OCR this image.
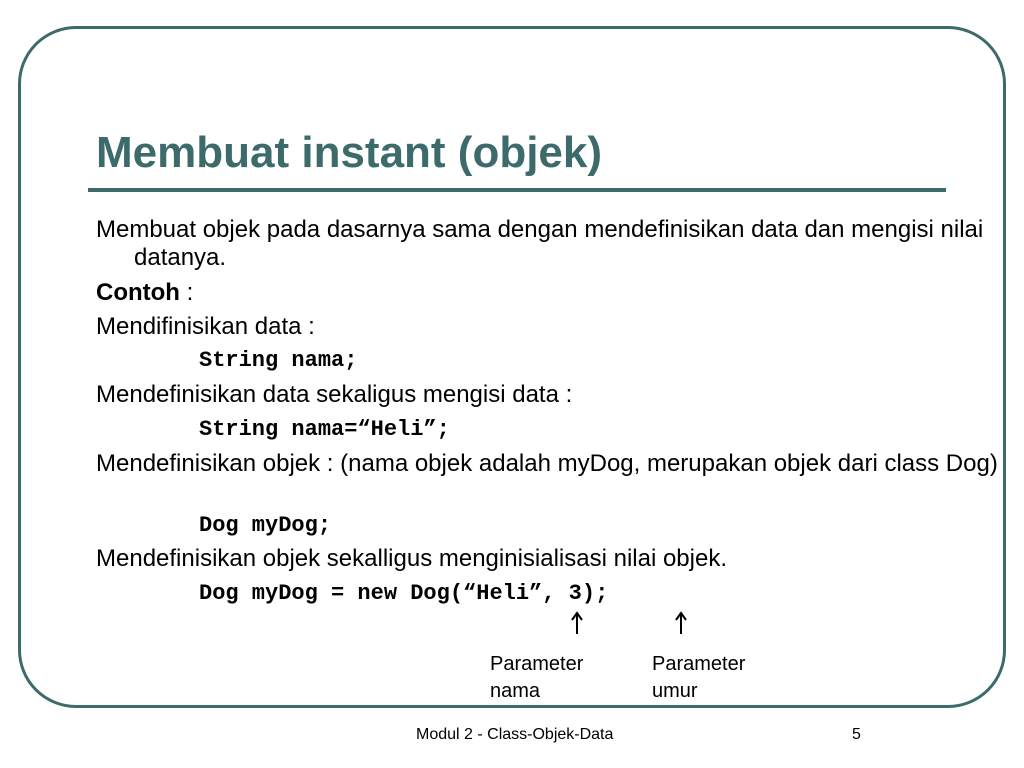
Membuat instant (objek)

Membuat objek pada dasarnya sama dengan mendefinisikan data dan mengisi nilai datanya.

Contoh :

Mendifinisikan data :

String nama;

Mendefinisikan data sekaligus mengisi data :

String nama=“Heli”;

Mendefinisikan objek : (nama objek adalah myDog, merupakan objek dari class Dog)

Dog myDog;

Mendefinisikan objek sekalligus menginisialisasi nilai objek.

Dog myDog = new Dog(“Heli”, 3);

Parameter
nama
Parameter
umur

Modul 2 - Class-Objek-Data	5
